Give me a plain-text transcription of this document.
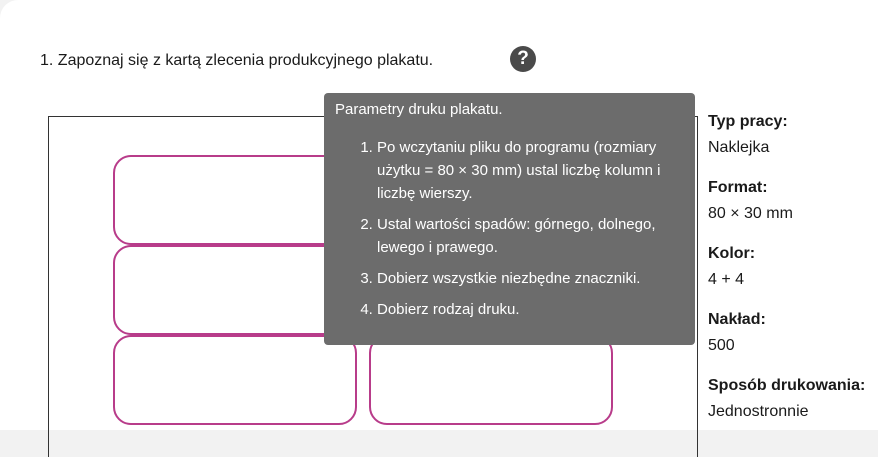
1. Zapoznaj się z kartą zlecenia produkcyjnego plakatu.	?
Typ pracy:
Naklejka
Format:
80 × 30 mm
Kolor:
4 + 4
Nakład:
500
Sposób drukowania:
Jednostronnie
Parametry druku plakatu.
1. Po wczytaniu pliku do programu (rozmiary użytku = 80 × 30 mm) ustal liczbę kolumn i liczbę wierszy.
2. Ustal wartości spadów: górnego, dolnego, lewego i prawego.
3. Dobierz wszystkie niezbędne znaczniki.
4. Dobierz rodzaj druku.
